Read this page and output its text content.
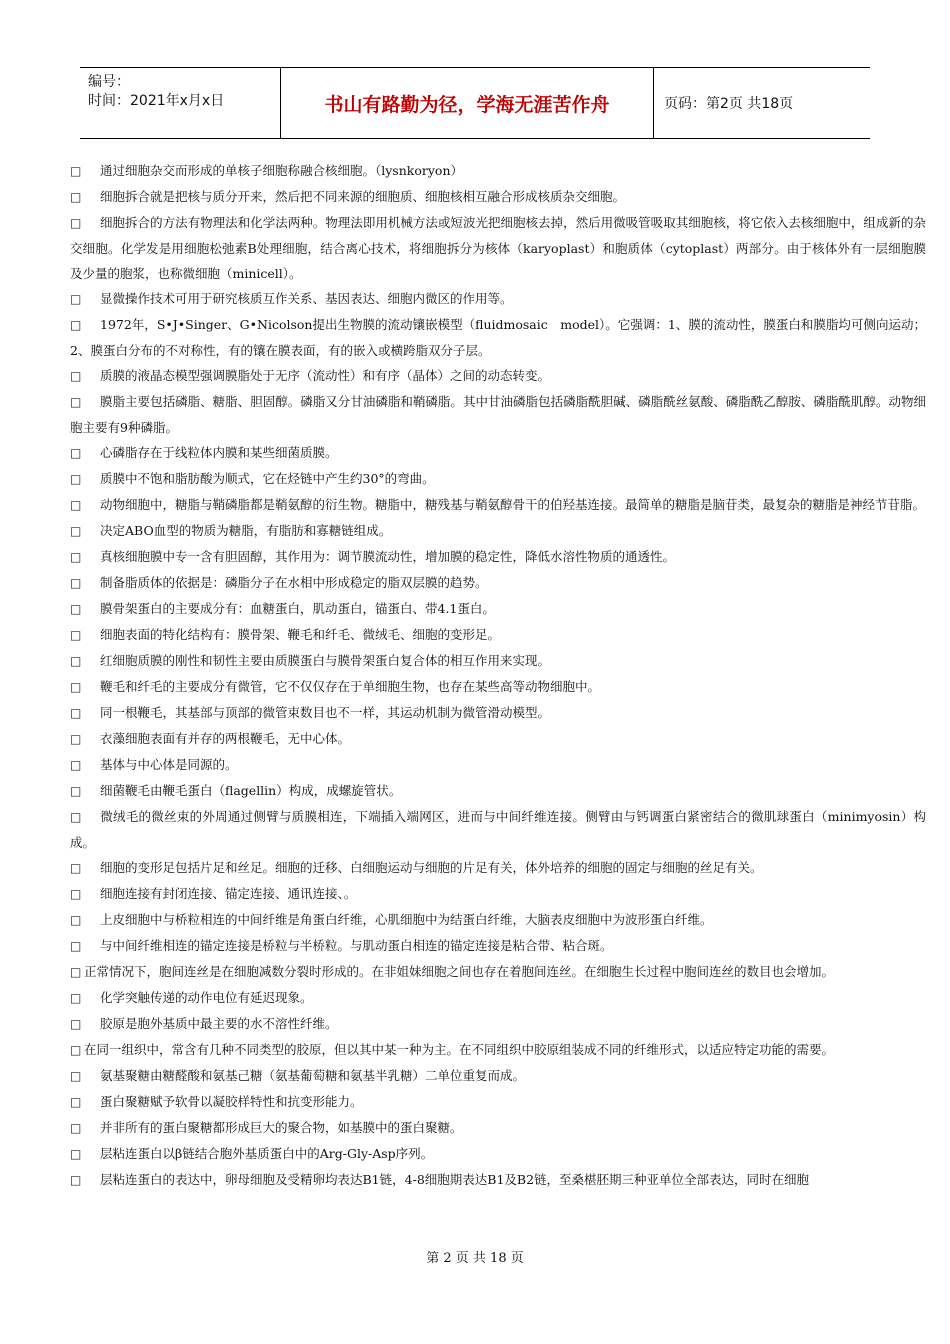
编号：
时间：2021年x月x日	书山有路勤为径，学海无涯苦作舟	页码：第2页 共18页

□ 通过细胞杂交而形成的单核子细胞称融合核细胞。（lysnkoryon）

□ 细胞拆合就是把核与质分开来，然后把不同来源的细胞质、细胞核相互融合形成核质杂交细胞。

□ 细胞拆合的方法有物理法和化学法两种。物理法即用机械方法或短波光把细胞核去掉，然后用微吸管吸取其细胞核，将它依入去核细胞中，组成新的杂交细胞。化学发是用细胞松弛素B处理细胞，结合离心技术，将细胞拆分为核体（karyoplast）和胞质体（cytoplast）两部分。由于核体外有一层细胞膜及少量的胞浆，也称微细胞（minicell）。

□ 显微操作技术可用于研究核质互作关系、基因表达、细胞内微区的作用等。

□ 1972年，S•J•Singer、G•Nicolson提出生物膜的流动镶嵌模型（fluidmosaic　model）。它强调：1、膜的流动性，膜蛋白和膜脂均可侧向运动；2、膜蛋白分布的不对称性，有的镶在膜表面，有的嵌入或横跨脂双分子层。

□ 质膜的液晶态模型强调膜脂处于无序（流动性）和有序（晶体）之间的动态转变。

□ 膜脂主要包括磷脂、糖脂、胆固醇。磷脂又分甘油磷脂和鞘磷脂。其中甘油磷脂包括磷脂酰胆碱、磷脂酰丝氨酸、磷脂酰乙醇胺、磷脂酰肌醇。动物细胞主要有9种磷脂。

□ 心磷脂存在于线粒体内膜和某些细菌质膜。

□ 质膜中不饱和脂肪酸为顺式，它在烃链中产生约30°的弯曲。

□ 动物细胞中，糖脂与鞘磷脂都是鞘氨醇的衍生物。糖脂中，糖残基与鞘氨醇骨干的伯羟基连接。最简单的糖脂是脑苷类，最复杂的糖脂是神经节苷脂。

□ 决定ABO血型的物质为糖脂，有脂肪和寡糖链组成。

□ 真核细胞膜中专一含有胆固醇，其作用为：调节膜流动性，增加膜的稳定性，降低水溶性物质的通透性。

□ 制备脂质体的依据是：磷脂分子在水相中形成稳定的脂双层膜的趋势。

□ 膜骨架蛋白的主要成分有：血糖蛋白，肌动蛋白，锚蛋白、带4.1蛋白。

□ 细胞表面的特化结构有：膜骨架、鞭毛和纤毛、微绒毛、细胞的变形足。

□ 红细胞质膜的刚性和韧性主要由质膜蛋白与膜骨架蛋白复合体的相互作用来实现。

□ 鞭毛和纤毛的主要成分有微管，它不仅仅存在于单细胞生物，也存在某些高等动物细胞中。

□ 同一根鞭毛，其基部与顶部的微管束数目也不一样，其运动机制为微管滑动模型。

□ 衣藻细胞表面有并存的两根鞭毛，无中心体。

□ 基体与中心体是同源的。

□ 细菌鞭毛由鞭毛蛋白（flagellin）构成，成螺旋管状。

□ 微绒毛的微丝束的外周通过侧臂与质膜相连，下端插入端网区，进而与中间纤维连接。侧臂由与钙调蛋白紧密结合的微肌球蛋白（minimyosin）构成。

□ 细胞的变形足包括片足和丝足。细胞的迁移、白细胞运动与细胞的片足有关，体外培养的细胞的固定与细胞的丝足有关。

□ 细胞连接有封闭连接、锚定连接、通讯连接、。

□ 上皮细胞中与桥粒相连的中间纤维是角蛋白纤维，心肌细胞中为结蛋白纤维，大脑表皮细胞中为波形蛋白纤维。

□ 与中间纤维相连的锚定连接是桥粒与半桥粒。与肌动蛋白相连的锚定连接是粘合带、粘合斑。

□ 正常情况下，胞间连丝是在细胞减数分裂时形成的。在非姐妹细胞之间也存在着胞间连丝。在细胞生长过程中胞间连丝的数目也会增加。

□ 化学突触传递的动作电位有延迟现象。

□ 胶原是胞外基质中最主要的水不溶性纤维。

□ 在同一组织中，常含有几种不同类型的胶原，但以其中某一种为主。在不同组织中胶原组装成不同的纤维形式，以适应特定功能的需要。

□ 氨基聚糖由糖醛酸和氨基己糖（氨基葡萄糖和氨基半乳糖）二单位重复而成。

□ 蛋白聚糖赋予软骨以凝胶样特性和抗变形能力。

□ 并非所有的蛋白聚糖都形成巨大的聚合物，如基膜中的蛋白聚糖。

□ 层粘连蛋白以β链结合胞外基质蛋白中的Arg-Gly-Asp序列。

□ 层粘连蛋白的表达中，卵母细胞及受精卵均表达B1链，4-8细胞期表达B1及B2链，至桑椹胚期三种亚单位全部表达，同时在细胞

第 2 页 共 18 页
